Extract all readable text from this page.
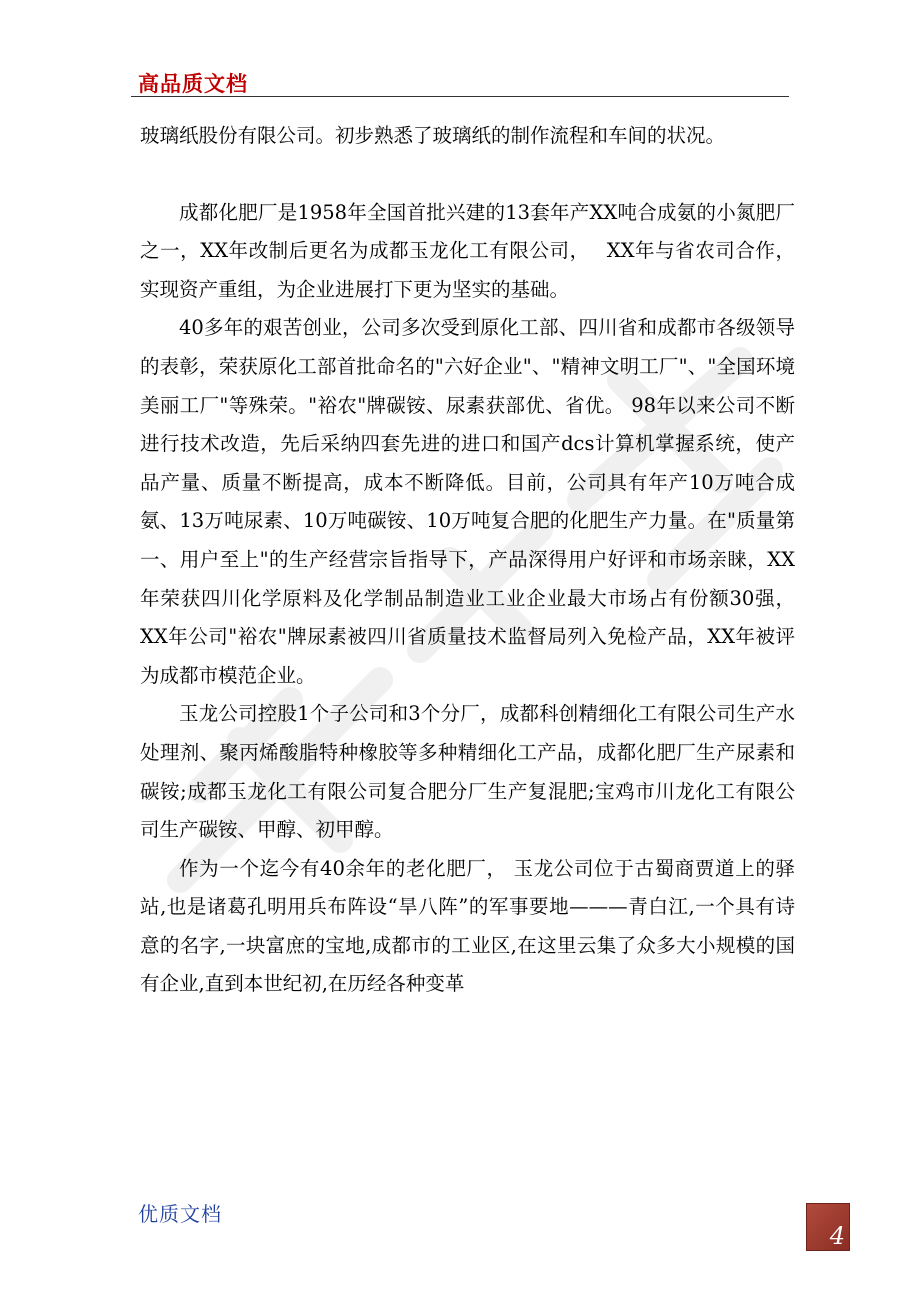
高品质文档

玻璃纸股份有限公司。初步熟悉了玻璃纸的制作流程和车间的状况。

成都化肥厂是1958年全国首批兴建的13套年产XX吨合成氨的小氮肥厂之一，XX年改制后更名为成都玉龙化工有限公司，　 XX年与省农司合作，实现资产重组，为企业进展打下更为坚实的基础。

40多年的艰苦创业，公司多次受到原化工部、四川省和成都市各级领导的表彰，荣获原化工部首批命名的"六好企业"、"精神文明工厂"、"全国环境美丽工厂"等殊荣。"裕农"牌碳铵、尿素获部优、省优。 98年以来公司不断进行技术改造，先后采纳四套先进的进口和国产dcs计算机掌握系统，使产品产量、质量不断提高，成本不断降低。目前，公司具有年产10万吨合成氨、13万吨尿素、10万吨碳铵、10万吨复合肥的化肥生产力量。在"质量第一、用户至上"的生产经营宗旨指导下，产品深得用户好评和市场亲睐，XX年荣获四川化学原料及化学制品制造业工业企业最大市场占有份额30强，XX年公司"裕农"牌尿素被四川省质量技术监督局列入免检产品，XX年被评为成都市模范企业。

玉龙公司控股1个子公司和3个分厂，成都科创精细化工有限公司生产水处理剂、聚丙烯酸脂特种橡胶等多种精细化工产品，成都化肥厂生产尿素和碳铵;成都玉龙化工有限公司复合肥分厂生产复混肥;宝鸡市川龙化工有限公司生产碳铵、甲醇、初甲醇。

作为一个迄今有40余年的老化肥厂， 玉龙公司位于古蜀商贾道上的驿站,也是诸葛孔明用兵布阵设“旱八阵”的军事要地———青白江,一个具有诗意的名字,一块富庶的宝地,成都市的工业区,在这里云集了众多大小规模的国有企业,直到本世纪初,在历经各种变革

优质文档
4
